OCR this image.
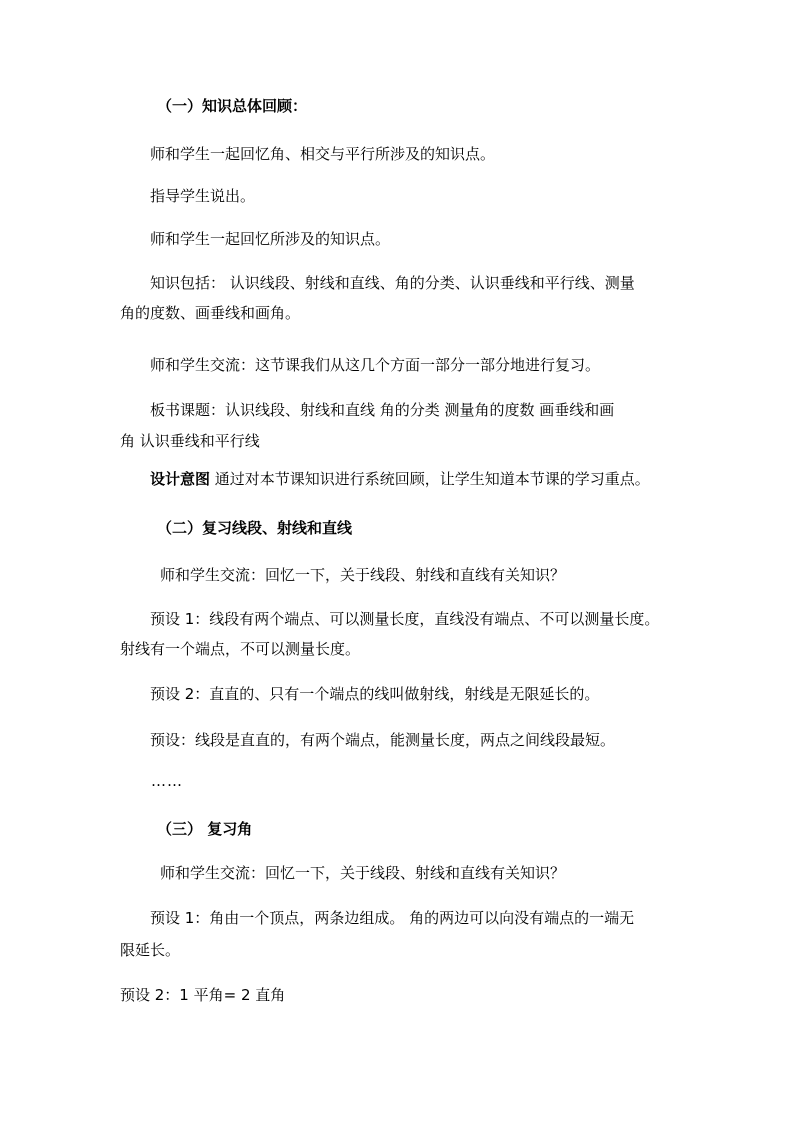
（一）知识总体回顾：
师和学生一起回忆角、相交与平行所涉及的知识点。
指导学生说出。
师和学生一起回忆所涉及的知识点。
知识包括： 认识线段、射线和直线、角的分类、认识垂线和平行线、测量
角的度数、画垂线和画角。
师和学生交流：这节课我们从这几个方面一部分一部分地进行复习。
板书课题：认识线段、射线和直线 角的分类 测量角的度数 画垂线和画
角 认识垂线和平行线
设计意图 通过对本节课知识进行系统回顾，让学生知道本节课的学习重点。
（二）复习线段、射线和直线
师和学生交流：回忆一下，关于线段、射线和直线有关知识？
预设 1：线段有两个端点、可以测量长度，直线没有端点、不可以测量长度。
射线有一个端点，不可以测量长度。
预设 2：直直的、只有一个端点的线叫做射线，射线是无限延长的。
预设：线段是直直的，有两个端点，能测量长度，两点之间线段最短。
……
（三） 复习角
师和学生交流：回忆一下，关于线段、射线和直线有关知识？
预设 1：角由一个顶点，两条边组成。 角的两边可以向没有端点的一端无
限延长。
预设 2：1 平角= 2 直角
